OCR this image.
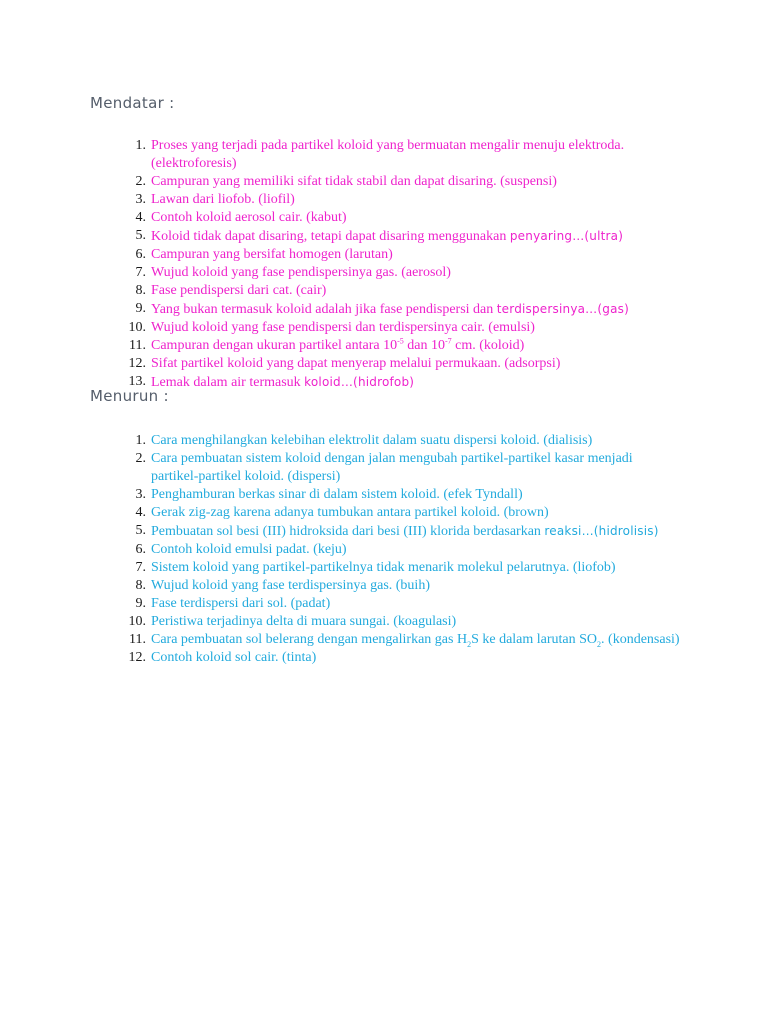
Mendatar :
1. Proses yang terjadi pada partikel koloid yang bermuatan mengalir menuju elektroda. (elektroforesis)
2. Campuran yang memiliki sifat tidak stabil dan dapat disaring. (suspensi)
3. Lawan dari liofob. (liofil)
4. Contoh koloid aerosol cair. (kabut)
5. Koloid tidak dapat disaring, tetapi dapat disaring menggunakan penyaring…(ultra)
6. Campuran yang bersifat homogen (larutan)
7. Wujud koloid yang fase pendispersinya gas. (aerosol)
8. Fase pendispersi dari cat. (cair)
9. Yang bukan termasuk koloid adalah jika fase pendispersi dan terdispersinya…(gas)
10. Wujud koloid yang fase pendispersi dan terdispersinya cair. (emulsi)
11. Campuran dengan ukuran partikel antara $10^{-5}$ dan $10^{-7}$ cm. (koloid)
12. Sifat partikel koloid yang dapat menyerap melalui permukaan. (adsorpsi)
13. Lemak dalam air termasuk koloid…(hidrofob)
Menurun :
1. Cara menghilangkan kelebihan elektrolit dalam suatu dispersi koloid. (dialisis)
2. Cara pembuatan sistem koloid dengan jalan mengubah partikel-partikel kasar menjadi partikel-partikel koloid. (dispersi)
3. Penghamburan berkas sinar di dalam sistem koloid. (efek Tyndall)
4. Gerak zig-zag karena adanya tumbukan antara partikel koloid. (brown)
5. Pembuatan sol besi (III) hidroksida dari besi (III) klorida berdasarkan reaksi…(hidrolisis)
6. Contoh koloid emulsi padat. (keju)
7. Sistem koloid yang partikel-partikelnya tidak menarik molekul pelarutnya. (liofob)
8. Wujud koloid yang fase terdispersinya gas. (buih)
9. Fase terdispersi dari sol. (padat)
10. Peristiwa terjadinya delta di muara sungai. (koagulasi)
11. Cara pembuatan sol belerang dengan mengalirkan gas $H_2S$ ke dalam larutan $SO_2$. (kondensasi)
12. Contoh koloid sol cair. (tinta)
